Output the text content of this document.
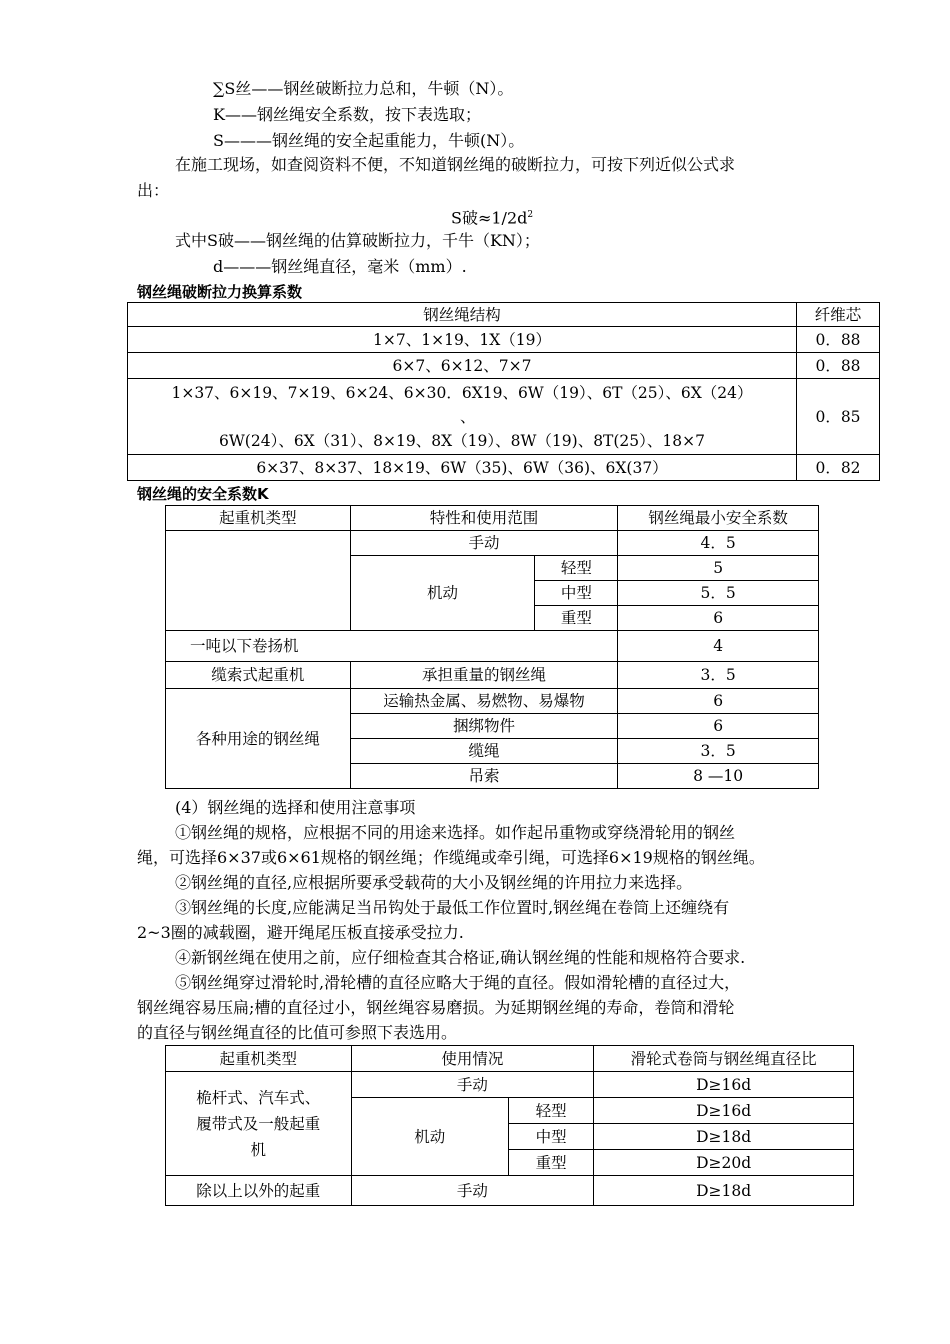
∑S丝——钢丝破断拉力总和，牛顿（N）。
K——钢丝绳安全系数，按下表选取；
S———钢丝绳的安全起重能力，牛顿(N）。
在施工现场，如查阅资料不便，不知道钢丝绳的破断拉力，可按下列近似公式求
出：
S破$\approx 1/2d^2$
式中S破——钢丝绳的估算破断拉力，千牛（KN）；
d———钢丝绳直径，毫米（mm）.
钢丝绳破断拉力换算系数
钢丝绳结构	纤维芯
1×7、1×19、1X（19）	0．88
6×7、6×12、7×7	0．88

1×37、6×19、7×19、6×24、6×30．6X19、6W（19）、6T（25）、6X（24）
、
6W(24）、6X（31）、8×19、8X（19）、8W（19)、8T(25）、18×7	0．85
6×37、8×37、18×19、6W（35)、6W（36)、6X(37）	0．82
钢丝绳的安全系数K
起重机类型	特性和使用范围		钢丝绳最小安全系数
	手动		4．5
	机动	轻型	5
		中型	5．5
		重型	6
一吨以下卷扬机			4
缆索式起重机	承担重量的钢丝绳		3．5
各种用途的钢丝绳	运输热金属、易燃物、易爆物		6
	捆绑物件		6
	缆绳		3．5
	吊索		8 —10
(4）钢丝绳的选择和使用注意事项
①钢丝绳的规格，应根据不同的用途来选择。如作起吊重物或穿绕滑轮用的钢丝
绳，可选择6×37或6×61规格的钢丝绳；作缆绳或牵引绳，可选择6×19规格的钢丝绳。
②钢丝绳的直径,应根据所要承受载荷的大小及钢丝绳的许用拉力来选择。
③钢丝绳的长度,应能满足当吊钩处于最低工作位置时,钢丝绳在卷筒上还缠绕有
2~3圈的减载圈，避开绳尾压板直接承受拉力.
④新钢丝绳在使用之前，应仔细检查其合格证,确认钢丝绳的性能和规格符合要求.
⑤钢丝绳穿过滑轮时,滑轮槽的直径应略大于绳的直径。假如滑轮槽的直径过大，
钢丝绳容易压扁;槽的直径过小，钢丝绳容易磨损。为延期钢丝绳的寿命，卷筒和滑轮
的直径与钢丝绳直径的比值可参照下表选用。
起重机类型	使用情况		滑轮式卷筒与钢丝绳直径比

桅杆式、汽车式、
履带式及一般起重
机	手动		D≥16d
	机动	轻型	D≥16d
		中型	D≥18d
		重型	D≥20d
除以上以外的起重	手动		D≥18d
